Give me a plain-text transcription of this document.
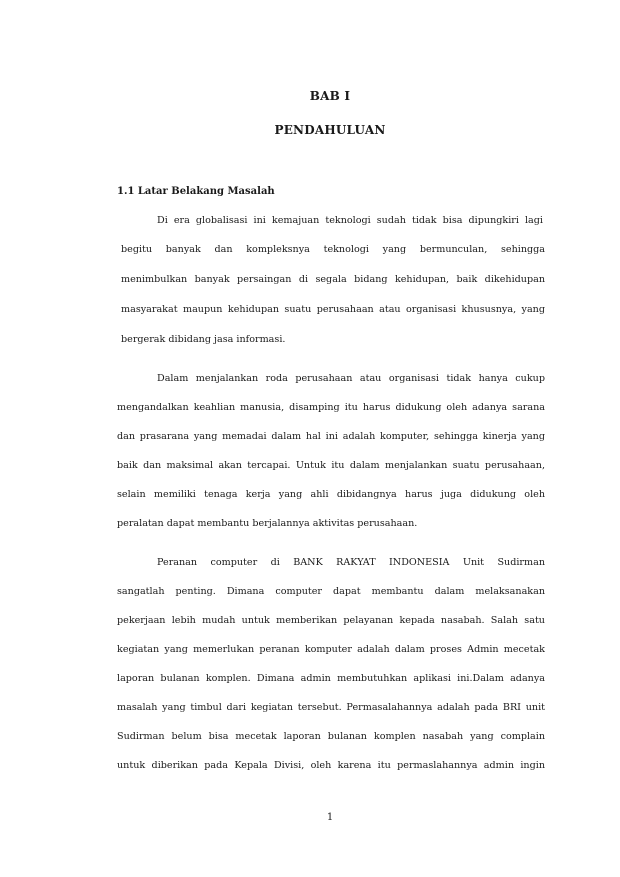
BAB I
PENDAHULUAN
1.1 Latar Belakang Masalah
Di era globalisasi ini kemajuan teknologi sudah tidak bisa dipungkiri lagi
begitu banyak dan kompleksnya teknologi yang bermunculan, sehingga
menimbulkan banyak persaingan di segala bidang kehidupan, baik dikehidupan
masyarakat maupun kehidupan suatu perusahaan atau organisasi khususnya, yang
bergerak dibidang jasa informasi.
Dalam menjalankan roda perusahaan atau organisasi tidak hanya cukup
mengandalkan keahlian manusia, disamping itu harus didukung oleh adanya sarana
dan prasarana yang memadai dalam hal ini adalah komputer, sehingga kinerja yang
baik dan maksimal akan tercapai. Untuk itu dalam menjalankan suatu perusahaan,
selain memiliki tenaga kerja yang ahli dibidangnya harus juga didukung oleh
peralatan dapat membantu berjalannya aktivitas perusahaan.
Peranan computer di BANK RAKYAT INDONESIA Unit Sudirman
sangatlah penting. Dimana computer dapat membantu dalam melaksanakan
pekerjaan lebih mudah untuk memberikan pelayanan kepada nasabah. Salah satu
kegiatan yang memerlukan peranan komputer adalah dalam proses Admin mecetak
laporan bulanan komplen. Dimana admin membutuhkan aplikasi ini.Dalam adanya
masalah yang timbul dari kegiatan tersebut. Permasalahannya adalah pada BRI unit
Sudirman belum bisa mecetak laporan bulanan komplen nasabah yang complain
untuk diberikan pada Kepala Divisi, oleh karena itu permaslahannya admin ingin
1
